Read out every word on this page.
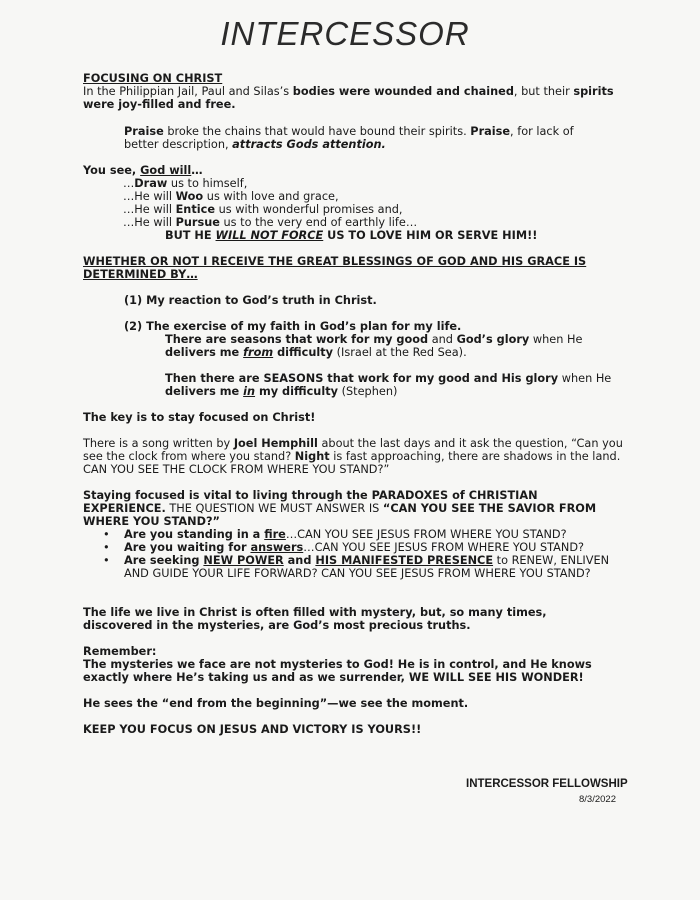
INTERCESSOR
FOCUSING ON CHRIST
In the Philippian Jail, Paul and Silas’s bodies were wounded and chained, but their spirits were joy-filled and free.
Praise broke the chains that would have bound their spirits. Praise, for lack of better description, attracts Gods attention.
You see, God will…
…Draw us to himself,
…He will Woo us with love and grace,
…He will Entice us with wonderful promises and,
…He will Pursue us to the very end of earthly life…
BUT HE WILL NOT FORCE US TO LOVE HIM OR SERVE HIM!!
WHETHER OR NOT I RECEIVE THE GREAT BLESSINGS OF GOD AND HIS GRACE IS DETERMINED BY…
(1) My reaction to God’s truth in Christ.
(2) The exercise of my faith in God’s plan for my life.
There are seasons that work for my good and God’s glory when He delivers me from difficulty (Israel at the Red Sea).
Then there are SEASONS that work for my good and His glory when He delivers me in my difficulty (Stephen)
The key is to stay focused on Christ!
There is a song written by Joel Hemphill about the last days and it ask the question, “Can you see the clock from where you stand? Night is fast approaching, there are shadows in the land. CAN YOU SEE THE CLOCK FROM WHERE YOU STAND?”
Staying focused is vital to living through the PARADOXES of CHRISTIAN EXPERIENCE. THE QUESTION WE MUST ANSWER IS “CAN YOU SEE THE SAVIOR FROM WHERE YOU STAND?”
• Are you standing in a fire…CAN YOU SEE JESUS FROM WHERE YOU STAND?
• Are you waiting for answers…CAN YOU SEE JESUS FROM WHERE YOU STAND?
• Are seeking NEW POWER and HIS MANIFESTED PRESENCE to RENEW, ENLIVEN AND GUIDE YOUR LIFE FORWARD? CAN YOU SEE JESUS FROM WHERE YOU STAND?
The life we live in Christ is often filled with mystery, but, so many times, discovered in the mysteries, are God’s most precious truths.
Remember:
The mysteries we face are not mysteries to God! He is in control, and He knows exactly where He’s taking us and as we surrender, WE WILL SEE HIS WONDER!
He sees the “end from the beginning”—we see the moment.
KEEP YOU FOCUS ON JESUS AND VICTORY IS YOURS!!
INTERCESSOR FELLOWSHIP
8/3/2022
